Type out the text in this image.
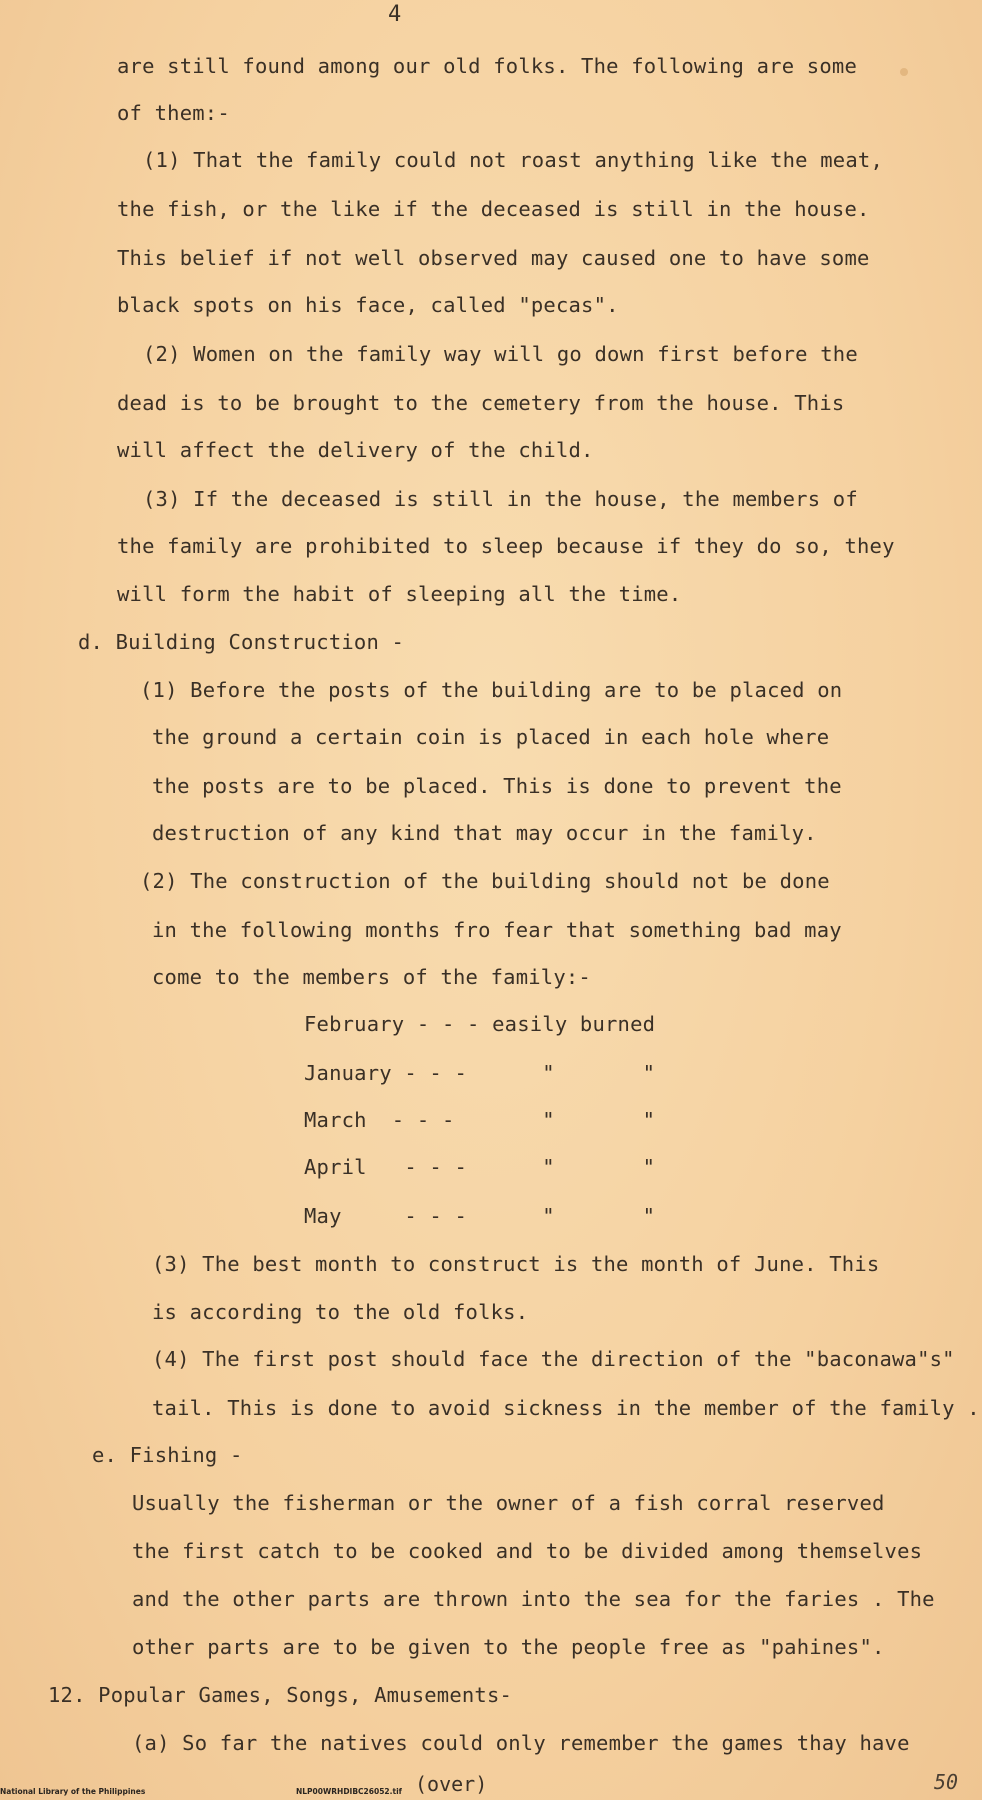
4
are still found among our old folks. The following are some
of them:-
(1) That the family could not roast anything like the meat,
the fish, or the like if the deceased is still in the house.
This belief if not well observed may caused one to have some
black spots on his face, called "pecas".
(2) Women on the family way will go down first before the
dead is to be brought to the cemetery from the house. This
will affect the delivery of the child.
(3) If the deceased is still in the house, the members of
the family are prohibited to sleep because if they do so, they
will form the habit of sleeping all the time.
d. Building Construction -
(1) Before the posts of the building are to be placed on
the ground a certain coin is placed in each hole where
the posts are to be placed. This is done to prevent the
destruction of any kind that may occur in the family.
(2) The construction of the building should not be done
in the following months fro fear that something bad may
come to the members of the family:-
February - - - easily burned
January - - -      "       "
March  - - -       "       "
April   - - -      "       "
May     - - -      "       "
(3) The best month to construct is the month of June. This
is according to the old folks.
(4) The first post should face the direction of the "baconawa"s"
tail. This is done to avoid sickness in the member of the family .
e. Fishing -
Usually the fisherman or the owner of a fish corral reserved
the first catch to be cooked and to be divided among themselves
and the other parts are thrown into the sea for the faries . The
other parts are to be given to the people free as "pahines".
12. Popular Games, Songs, Amusements-
(a) So far the natives could only remember the games thay have
(over)	50
National Library of the Philippines	NLP00WRHDIBC26052.tif
